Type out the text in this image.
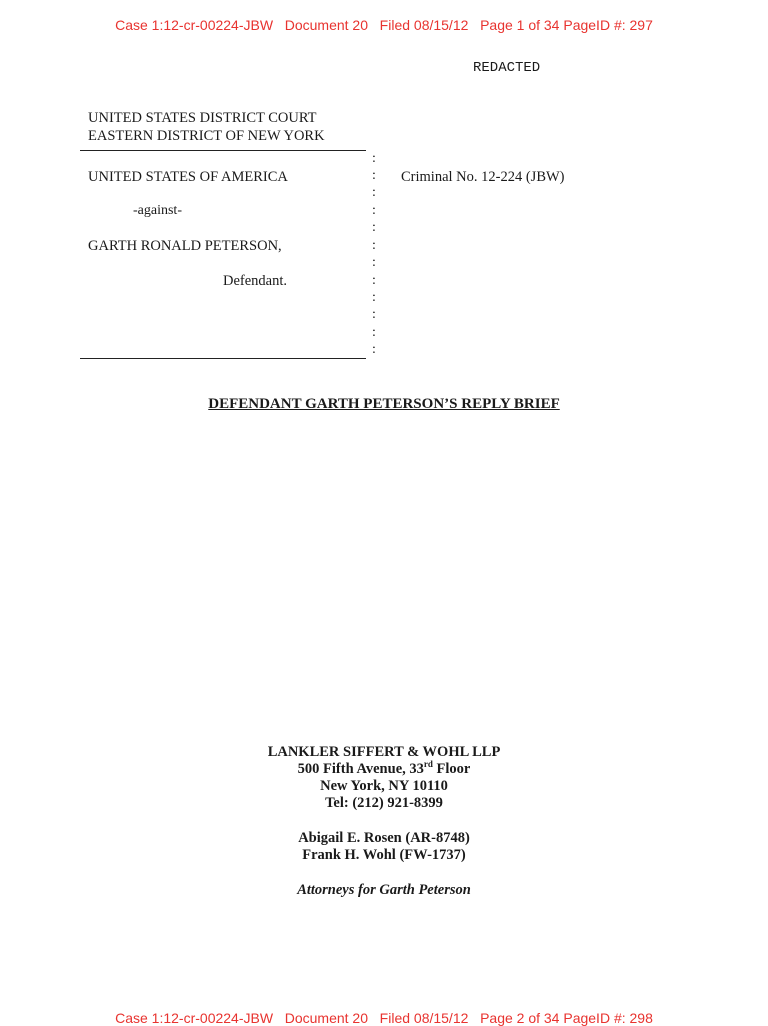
Case 1:12-cr-00224-JBW   Document 20   Filed 08/15/12   Page 1 of 34 PageID #: 297
REDACTED
UNITED STATES DISTRICT COURT
EASTERN DISTRICT OF NEW YORK
UNITED STATES OF AMERICA
-against-
GARTH RONALD PETERSON,
Defendant.
:
:
:
:
:
:
:
:
:
:
:
:
Criminal No. 12-224 (JBW)
DEFENDANT GARTH PETERSON’S REPLY BRIEF
LANKLER SIFFERT & WOHL LLP
500 Fifth Avenue, 33rd Floor
New York, NY 10110
Tel: (212) 921-8399
Abigail E. Rosen (AR-8748)
Frank H. Wohl (FW-1737)
Attorneys for Garth Peterson
Case 1:12-cr-00224-JBW   Document 20   Filed 08/15/12   Page 2 of 34 PageID #: 298
